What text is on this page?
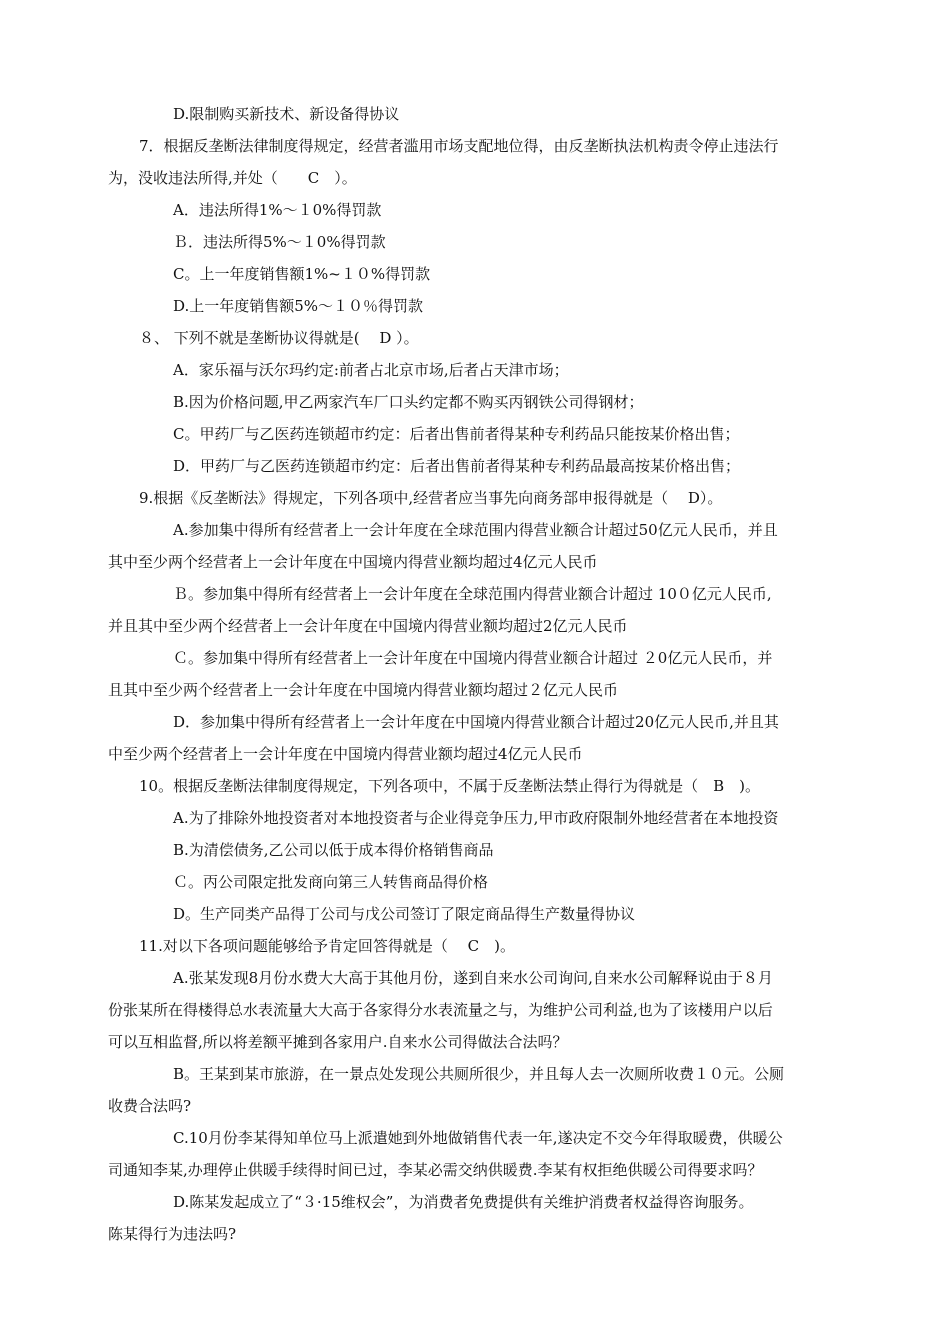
D.限制购买新技术、新设备得协议
7．根据反垄断法律制度得规定，经营者滥用市场支配地位得，由反垄断执法机构责令停止违法行
为，没收违法所得,并处（　　C　）。
A．违法所得1%～１0%得罚款
Ｂ．违法所得5%～１0%得罚款
C。上一年度销售额1%~１０%得罚款
D.上一年度销售额5%～１０％得罚款
８、 下列不就是垄断协议得就是(　 D ）。
A．家乐福与沃尔玛约定:前者占北京市场,后者占天津市场；
B.因为价格问题,甲乙两家汽车厂口头约定都不购买丙钢铁公司得钢材；
C。甲药厂与乙医药连锁超市约定：后者出售前者得某种专利药品只能按某价格出售；
D．甲药厂与乙医药连锁超市约定：后者出售前者得某种专利药品最高按某价格出售；
9.根据《反垄断法》得规定，下列各项中,经营者应当事先向商务部申报得就是（　 D）。
A.参加集中得所有经营者上一会计年度在全球范围内得营业额合计超过50亿元人民币，并且
其中至少两个经营者上一会计年度在中国境内得营业额均超过4亿元人民币
Ｂ。参加集中得所有经营者上一会计年度在全球范围内得营业额合计超过 10０亿元人民币,
并且其中至少两个经营者上一会计年度在中国境内得营业额均超过2亿元人民币
Ｃ。参加集中得所有经营者上一会计年度在中国境内得营业额合计超过 ２0亿元人民币，并
且其中至少两个经营者上一会计年度在中国境内得营业额均超过２亿元人民币
D．参加集中得所有经营者上一会计年度在中国境内得营业额合计超过20亿元人民币,并且其
中至少两个经营者上一会计年度在中国境内得营业额均超过4亿元人民币
10。根据反垄断法律制度得规定，下列各项中，不属于反垄断法禁止得行为得就是（　B　)。
A.为了排除外地投资者对本地投资者与企业得竞争压力,甲市政府限制外地经营者在本地投资
B.为清偿债务,乙公司以低于成本得价格销售商品
Ｃ。丙公司限定批发商向第三人转售商品得价格
D。生产同类产品得丁公司与戊公司签订了限定商品得生产数量得协议
11.对以下各项问题能够给予肯定回答得就是（　 C　)。
A.张某发现8月份水费大大高于其他月份，遂到自来水公司询问,自来水公司解释说由于８月
份张某所在得楼得总水表流量大大高于各家得分水表流量之与，为维护公司利益,也为了该楼用户以后
可以互相监督,所以将差额平摊到各家用户.自来水公司得做法合法吗？
B。王某到某市旅游，在一景点处发现公共厕所很少，并且每人去一次厕所收费１０元。公厕
收费合法吗?
C.10月份李某得知单位马上派遣她到外地做销售代表一年,遂决定不交今年得取暖费，供暖公
司通知李某,办理停止供暖手续得时间已过，李某必需交纳供暖费.李某有权拒绝供暖公司得要求吗？
D.陈某发起成立了“３·15维权会”，为消费者免费提供有关维护消费者权益得咨询服务。
陈某得行为违法吗?
